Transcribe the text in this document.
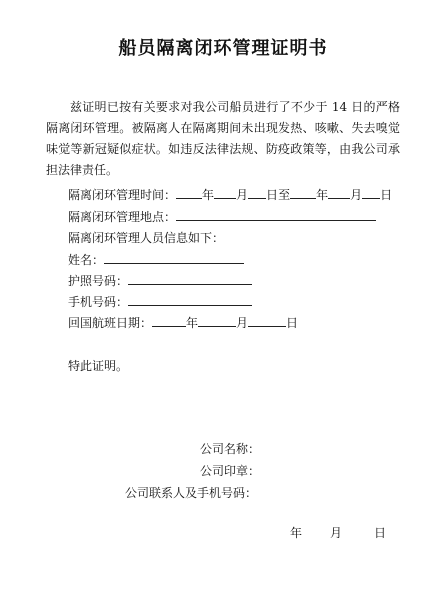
船员隔离闭环管理证明书

兹证明已按有关要求对我公司船员进行了不少于 14 日的严格隔离闭环管理。被隔离人在隔离期间未出现发热、咳嗽、失去嗅觉味觉等新冠疑似症状。如违反法律法规、防疫政策等，由我公司承担法律责任。

隔离闭环管理时间： 年 月 日至 年 月 日
隔离闭环管理地点：
隔离闭环管理人员信息如下：
姓名：
护照号码：
手机号码：
回国航班日期：	年	月	日
特此证明。
公司名称：
公司印章：
公司联系人及手机号码：
年 月	日
